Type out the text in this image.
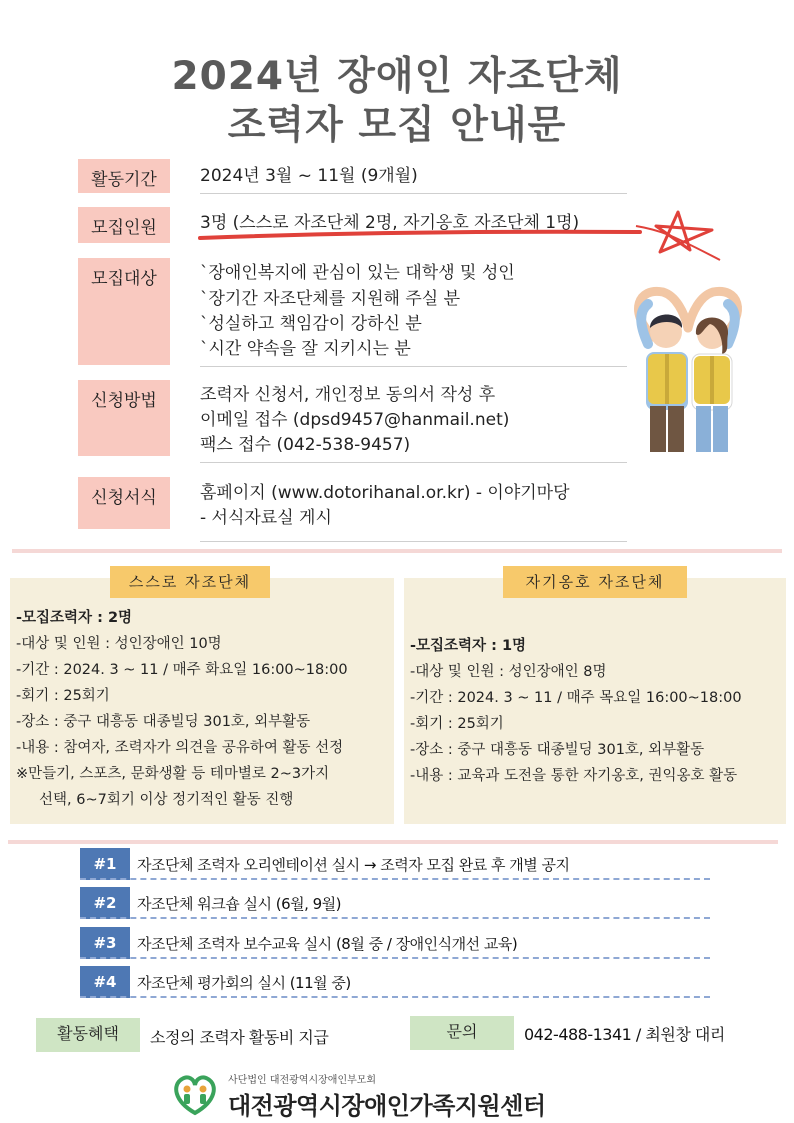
2024년 장애인 자조단체
조력자 모집 안내문
활동기간	2024년 3월 ~ 11월 (9개월)
모집인원	3명 (스스로 자조단체 2명, 자기옹호 자조단체 1명)
모집대상	`장애인복지에 관심이 있는 대학생 및 성인
`장기간 자조단체를 지원해 주실 분
`성실하고 책임감이 강하신 분
`시간 약속을 잘 지키시는 분
신청방법	조력자 신청서, 개인정보 동의서 작성 후
이메일 접수 (dpsd9457@hanmail.net)
팩스 접수 (042-538-9457)
신청서식	홈페이지 (www.dotorihanal.or.kr) - 이야기마당
- 서식자료실 게시
스스로 자조단체
-모집조력자 : 2명
-대상 및 인원 : 성인장애인 10명
-기간 : 2024. 3 ~ 11 / 매주 화요일 16:00~18:00
-회기 : 25회기
-장소 : 중구 대흥동 대종빌딩 301호, 외부활동
-내용 : 참여자, 조력자가 의견을 공유하여 활동 선정
※만들기, 스포츠, 문화생활 등 테마별로 2~3가지
선택, 6~7회기 이상 정기적인 활동 진행
자기옹호 자조단체
-모집조력자 : 1명
-대상 및 인원 : 성인장애인 8명
-기간 : 2024. 3 ~ 11 / 매주 목요일 16:00~18:00
-회기 : 25회기
-장소 : 중구 대흥동 대종빌딩 301호, 외부활동
-내용 : 교육과 도전을 통한 자기옹호, 권익옹호 활동
#1	자조단체 조력자 오리엔테이션 실시 → 조력자 모집 완료 후 개별 공지
#2	자조단체 워크숍 실시 (6월, 9월)
#3	자조단체 조력자 보수교육 실시 (8월 중 / 장애인식개선 교육)
#4	자조단체 평가회의 실시 (11월 중)
활동혜택	소정의 조력자 활동비 지급	문의	042-488-1341 / 최원창 대리
사단법인 대전광역시장애인부모회
대전광역시장애인가족지원센터
